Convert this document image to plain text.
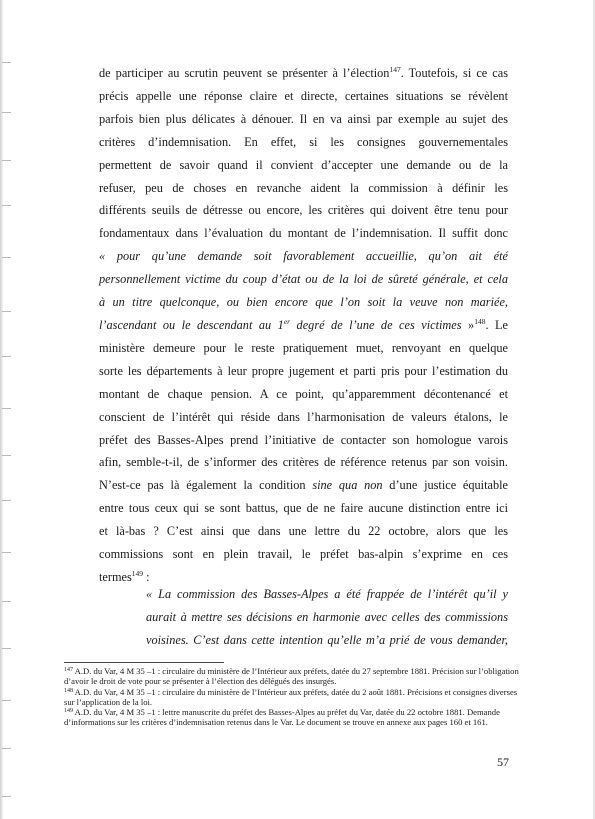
de participer au scrutin peuvent se présenter à l’élection$^{147}$. Toutefois, si ce cas
précis appelle une réponse claire et directe, certaines situations se révèlent
parfois bien plus délicates à dénouer. Il en va ainsi par exemple au sujet des
critères d’indemnisation. En effet, si les consignes gouvernementales
permettent de savoir quand il convient d’accepter une demande ou de la
refuser, peu de choses en revanche aident la commission à définir les
différents seuils de détresse ou encore, les critères qui doivent être tenu pour
fondamentaux dans l’évaluation du montant de l’indemnisation. Il suffit donc
« pour qu’une demande soit favorablement accueillie, qu’on ait été
personnellement victime du coup d’état ou de la loi de sûreté générale, et cela
à un titre quelconque, ou bien encore que l’on soit la veuve non mariée,
l’ascendant ou le descendant au 1er degré de l’une de ces victimes »$^{148}$. Le
ministère demeure pour le reste pratiquement muet, renvoyant en quelque
sorte les départements à leur propre jugement et parti pris pour l’estimation du
montant de chaque pension. A ce point, qu’apparemment décontenancé et
conscient de l’intérêt qui réside dans l’harmonisation de valeurs étalons, le
préfet des Basses-Alpes prend l’initiative de contacter son homologue varois
afin, semble-t-il, de s’informer des critères de référence retenus par son voisin.
N’est-ce pas là également la condition sine qua non d’une justice équitable
entre tous ceux qui se sont battus, que de ne faire aucune distinction entre ici
et là-bas ? C’est ainsi que dans une lettre du 22 octobre, alors que les
commissions sont en plein travail, le préfet bas-alpin s’exprime en ces
termes$^{149}$ :
« La commission des Basses-Alpes a été frappée de l’intérêt qu’il y
aurait à mettre ses décisions en harmonie avec celles des commissions
voisines. C’est dans cette intention qu’elle m’a prié de vous demander,

$^{147}$ A.D. du Var, 4 M 35 –1 : circulaire du ministère de l’Intérieur aux préfets, datée du 27 septembre 1881. Précision sur l’obligation d’avoir le droit de vote pour se présenter à l’élection des délégués des insurgés.

$^{148}$ A.D. du Var, 4 M 35 –1 : circulaire du ministère de l’Intérieur aux préfets, datée du 2 août 1881. Précisions et consignes diverses sur l’application de la loi.

$^{149}$ A.D. du Var, 4 M 35 –1 : lettre manuscrite du préfet des Basses-Alpes au préfet du Var, datée du 22 octobre 1881. Demande d’informations sur les critères d’indemnisation retenus dans le Var. Le document se trouve en annexe aux pages 160 et 161.

57
